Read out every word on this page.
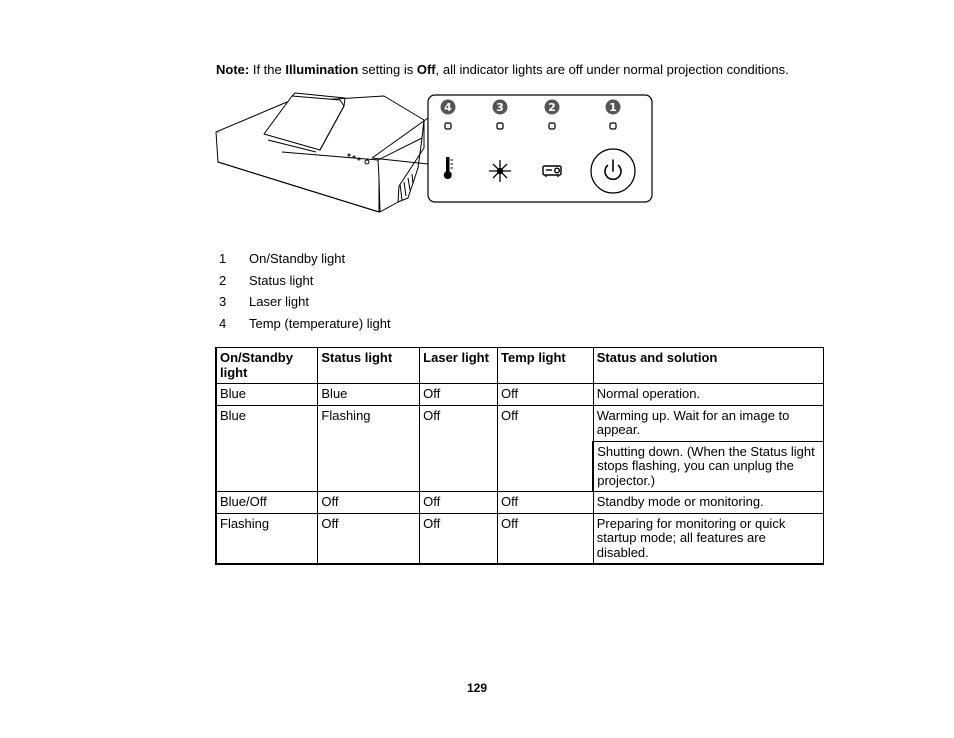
Note: If the Illumination setting is Off, all indicator lights are off under normal projection conditions.
4	3	2	1
1	On/Standby light
2	Status light
3	Laser light
4	Temp (temperature) light
On/Standby light	Status light	Laser light	Temp light	Status and solution
Blue	Blue	Off	Off	Normal operation.
Blue	Flashing	Off	Off	Warming up. Wait for an image to appear.
				Shutting down. (When the Status light stops flashing, you can unplug the projector.)
Blue/Off	Off	Off	Off	Standby mode or monitoring.
Flashing	Off	Off	Off	Preparing for monitoring or quick startup mode; all features are disabled.
129
